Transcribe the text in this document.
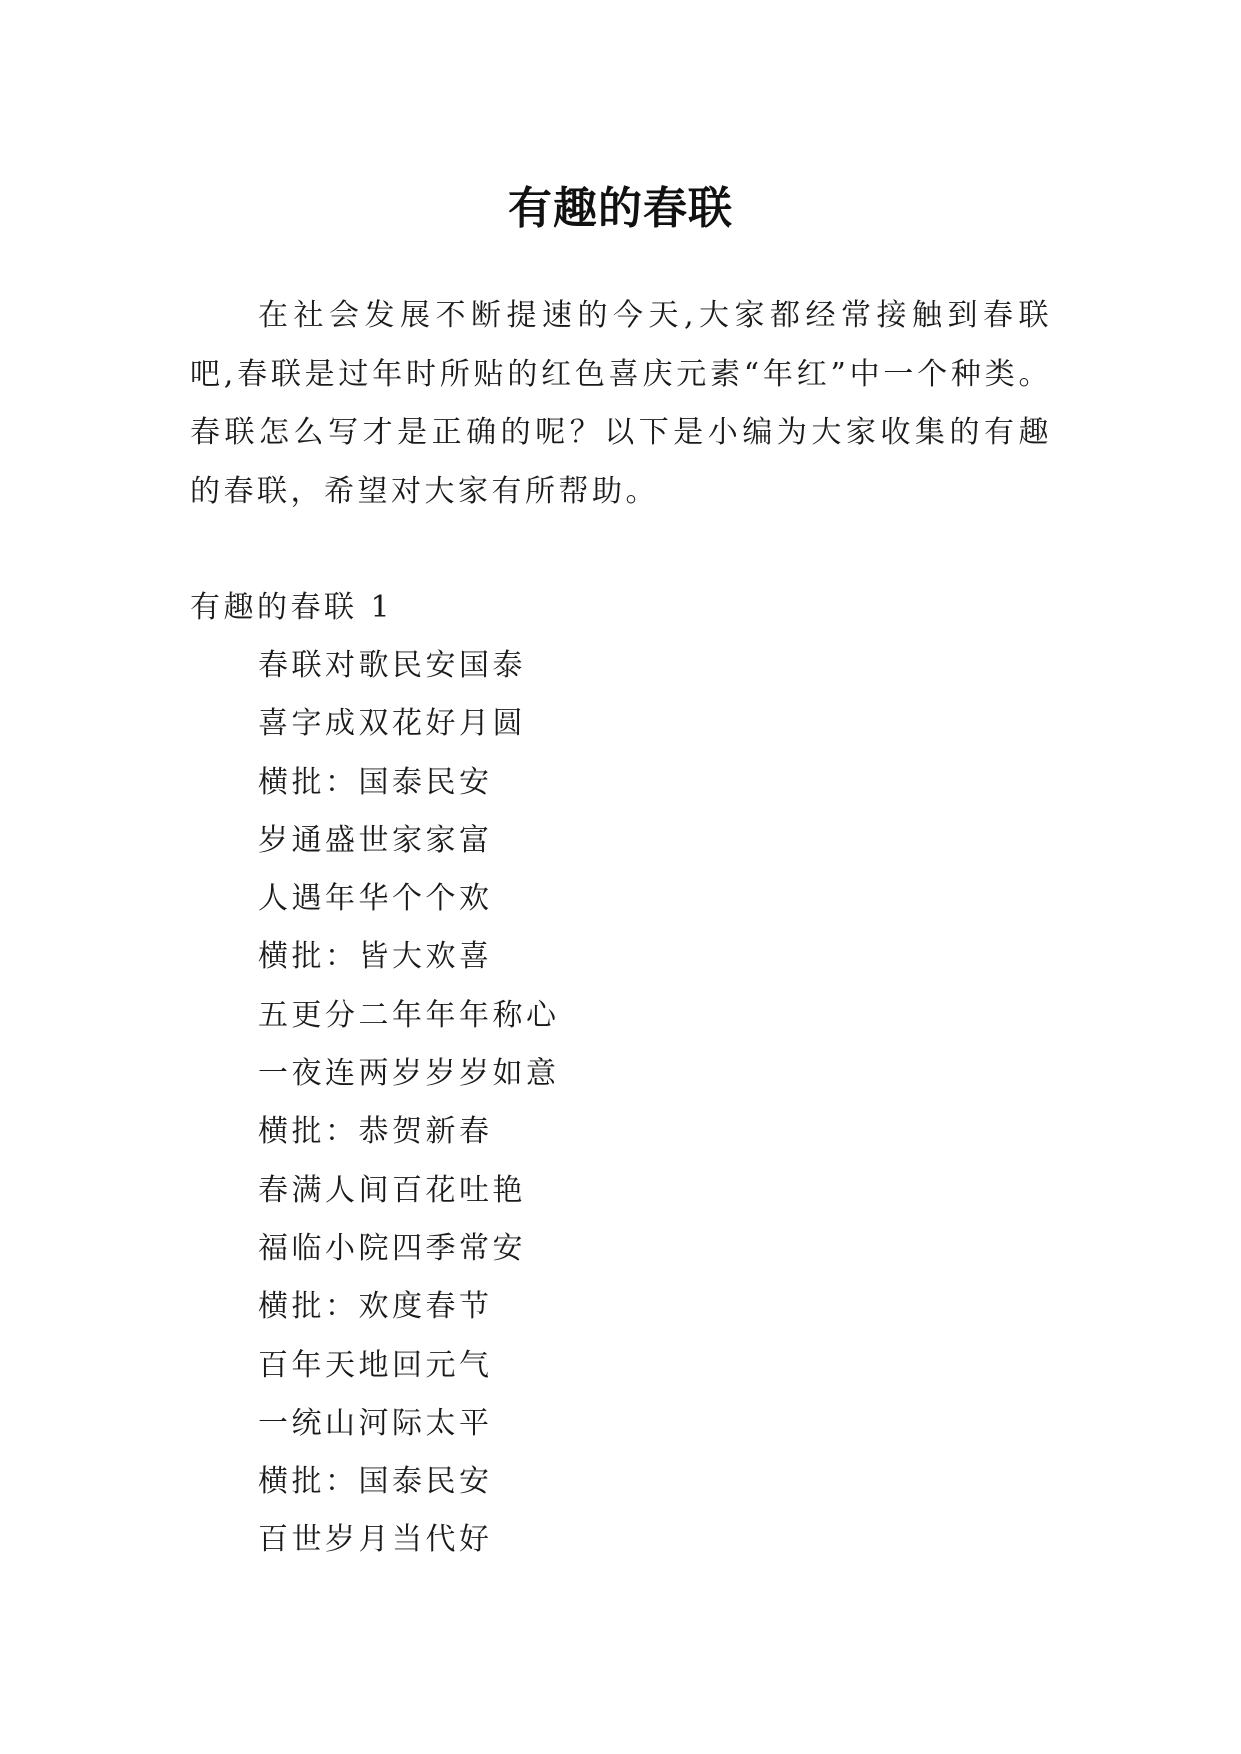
有趣的春联

在社会发展不断提速的今天,大家都经常接触到春联吧,春联是过年时所贴的红色喜庆元素“年红”中一个种类。春联怎么写才是正确的呢？以下是小编为大家收集的有趣的春联，希望对大家有所帮助。

有趣的春联 1

春联对歌民安国泰
喜字成双花好月圆
横批：国泰民安
岁通盛世家家富
人遇年华个个欢
横批：皆大欢喜
五更分二年年年称心
一夜连两岁岁岁如意
横批：恭贺新春
春满人间百花吐艳
福临小院四季常安
横批：欢度春节
百年天地回元气
一统山河际太平
横批：国泰民安
百世岁月当代好
